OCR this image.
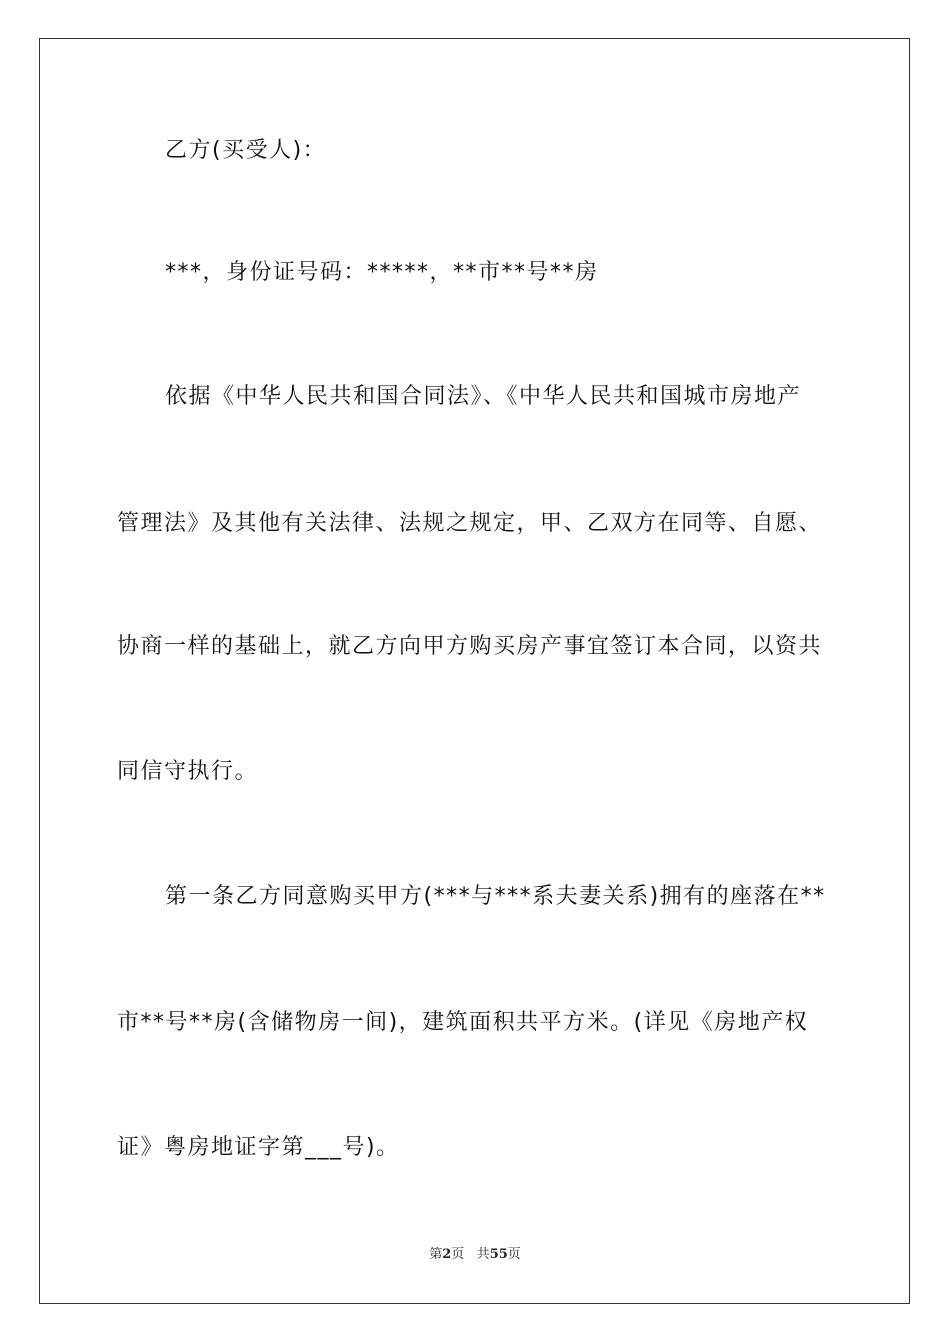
乙方(买受人)：
***，身份证号码：*****，**市**号**房
依据《中华人民共和国合同法》、《中华人民共和国城市房地产
管理法》及其他有关法律、法规之规定，甲、乙双方在同等、自愿、
协商一样的基础上，就乙方向甲方购买房产事宜签订本合同，以资共
同信守执行。
第一条乙方同意购买甲方(***与***系夫妻关系)拥有的座落在**
市**号**房(含储物房一间)，建筑面积共平方米。(详见《房地产权
证》粤房地证字第___号)。
第2页 共55页
